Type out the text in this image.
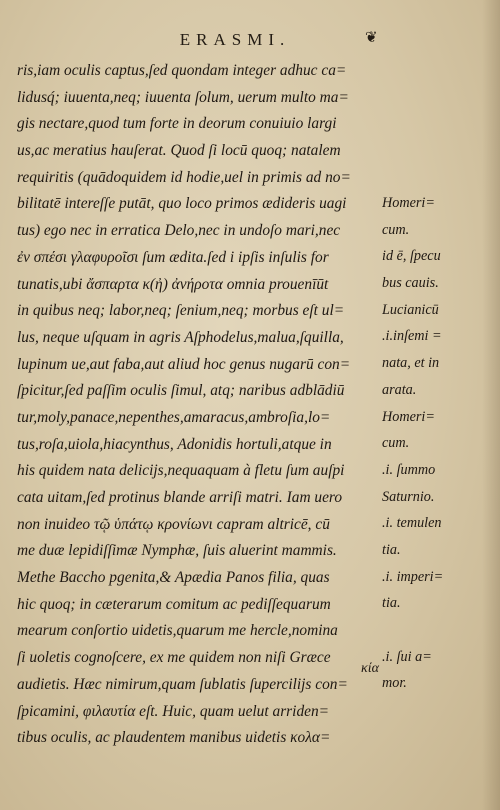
ERASMI.	❦
ris,iam oculis captus,ſed quondam integer adhuc ca=
lidusq́; iuuenta,neq; iuuenta ſolum, uerum multo ma=
gis nectare,quod tum forte in deorum conuiuio largi
us,ac meratius hauſerat. Quod ſi locū quoq; natalem
requiritis (quādoquidem id hodie,uel in primis ad no=
bilitatē intereſſe putāt, quo loco primos ædideris uagi
tus) ego nec in erratica Delo,nec in undoſo mari,nec
ἐν σπέσι γλαφυροῖσι ſum ædita.ſed i ipſis inſulis for
tunatis,ubi ἄσπαρτα κ(ἠ) ἀνήροτα omnia prouenīūt
in quibus neq; labor,neq; ſenium,neq; morbus eſt ul=
lus, neque uſquam in agris Aſphodelus,malua,ſquilla,
lupinum ue,aut faba,aut aliud hoc genus nugarū con=
ſpicitur,ſed paſſim oculis ſimul, atq; naribus adblādiū
tur,moly,panace,nepenthes,amaracus,ambroſia,lo=
tus,roſa,uiola,hiacynthus, Adonidis hortuli,atque in
his quidem nata delicijs,nequaquam à fletu ſum auſpi
cata uitam,ſed protinus blande arriſi matri. Iam uero
non inuideo τῷ ὑπάτῳ κρονίωνι capram altricē, cū
me duæ lepidiſſimæ Nymphæ, ſuis aluerint mammis.
Methe Baccho pgenita,& Apædia Panos filia, quas
hic quoq; in cæterarum comitum ac pediſſequarum
mearum conſortio uidetis,quarum me hercle,nomina
ſi uoletis cognoſcere, ex me quidem non niſi Græce
audietis. Hæc nimirum,quam ſublatis ſupercilijs con=
ſpicamini, φιλαυτία eſt. Huic, quam uelut arriden=
tibus oculis, ac plaudentem manibus uidetis κολα=
Homeri=
cum.
id ē, ſpecu
bus cauis.
Lucianicū
.i.inſemi =
nata, et in
arata.
Homeri=
cum.
.i. ſummo
Saturnio.
.i. temulen
tia.
.i. imperi=
tia.
.i. ſui a=
mor.
κία
